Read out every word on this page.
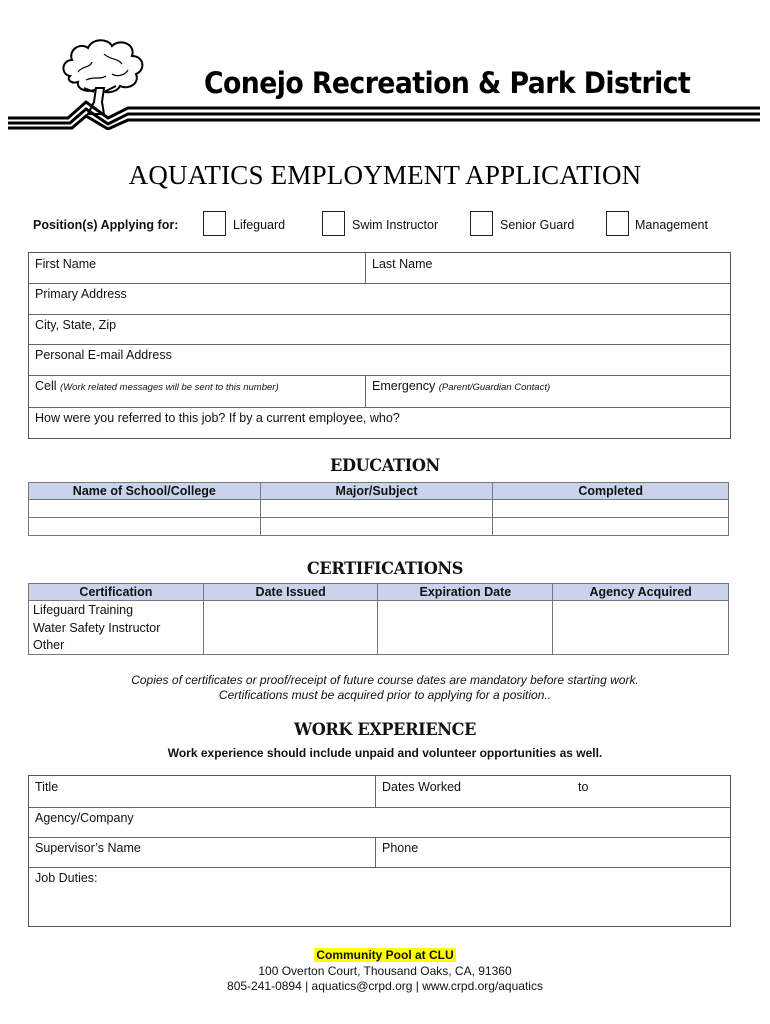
Conejo Recreation & Park District
AQUATICS EMPLOYMENT APPLICATION
Position(s) Applying for:	Lifeguard	Swim Instructor	Senior Guard	Management
First Name	Last Name
Primary Address
City, State, Zip
Personal E-mail Address
Cell (Work related messages will be sent to this number)	Emergency (Parent/Guardian Contact)
How were you referred to this job? If by a current employee, who?
EDUCATION
Name of School/College	Major/Subject	Completed

CERTIFICATIONS
Certification	Date Issued	Expiration Date	Agency Acquired
Lifeguard Training			
Water Safety Instructor			
Other			
Copies of certificates or proof/receipt of future course dates are mandatory before starting work.
Certifications must be acquired prior to applying for a position..
WORK EXPERIENCE
Work experience should include unpaid and volunteer opportunities as well.
Title	Dates Worked	to
Agency/Company
Supervisor’s Name	Phone
Job Duties:
Community Pool at CLU
100 Overton Court, Thousand Oaks, CA, 91360
805-241-0894 | aquatics@crpd.org | www.crpd.org/aquatics
